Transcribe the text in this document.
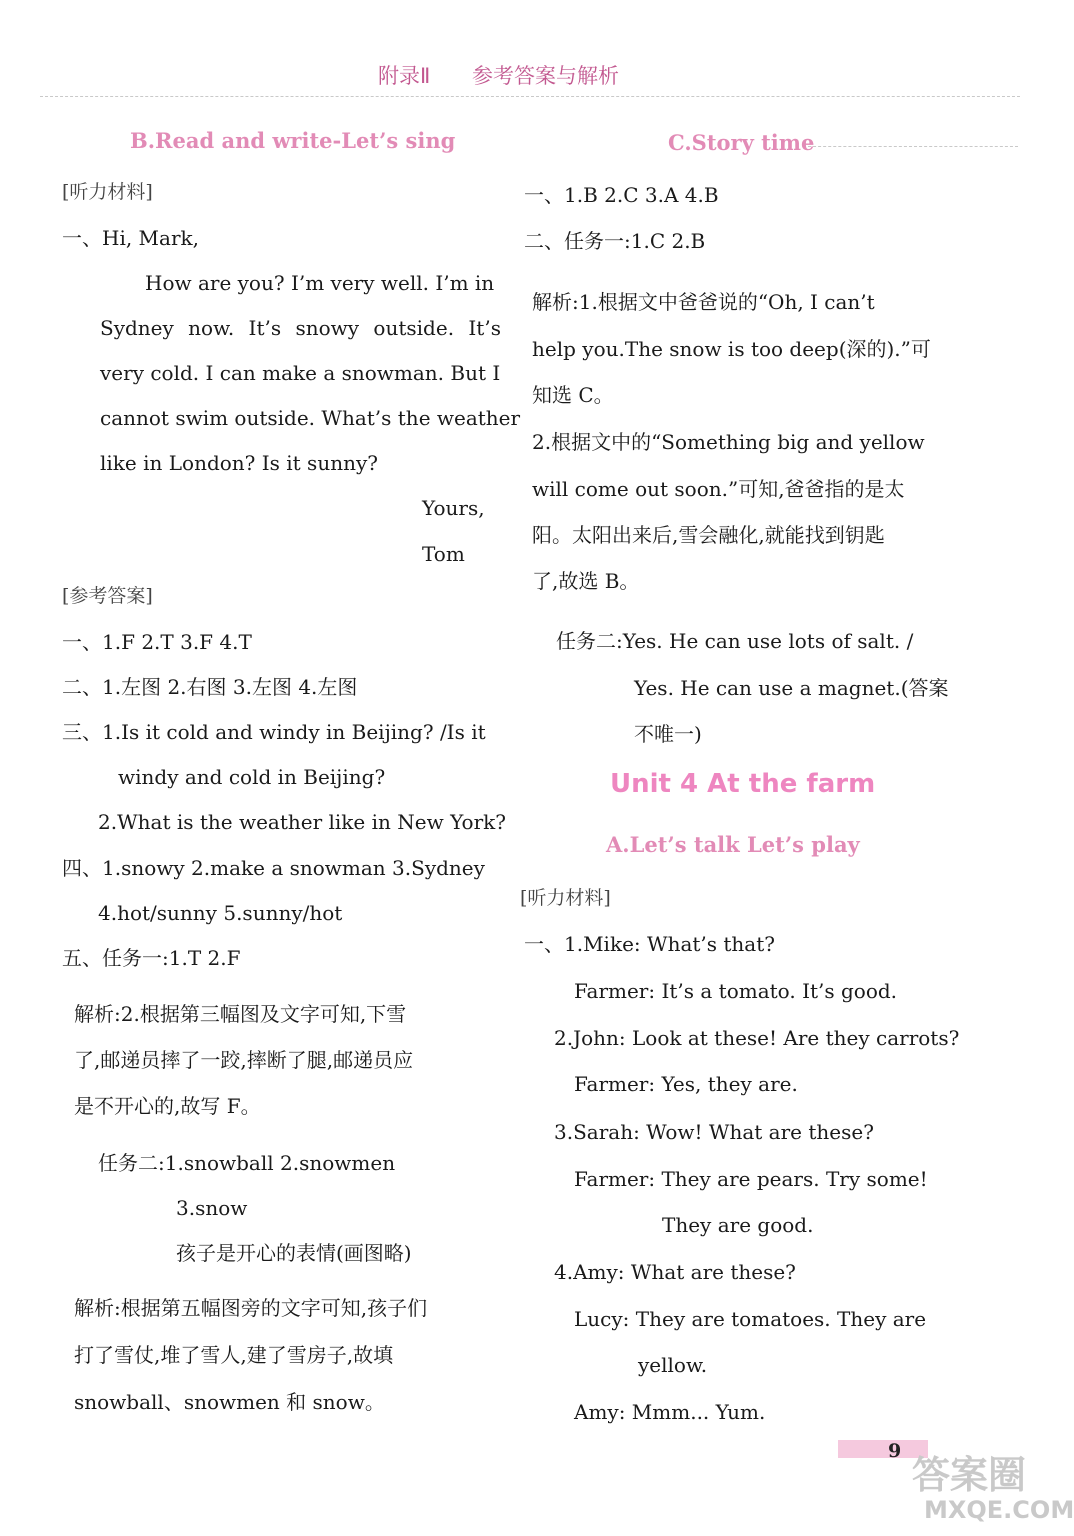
附录Ⅱ 参考答案与解析
B.Read and write-Let’s sing
[听力材料]
一、Hi, Mark,
How are you? I’m very well. I’m in
Sydney now. It’s snowy outside. It’s
very cold. I can make a snowman. But I
cannot swim outside. What’s the weather
like in London? Is it sunny?
Yours,
Tom
[参考答案]
一、1.F 2.T 3.F 4.T
二、1.左图 2.右图 3.左图 4.左图
三、1.Is it cold and windy in Beijing? /Is it
windy and cold in Beijing?
2.What is the weather like in New York?
四、1.snowy 2.make a snowman 3.Sydney
4.hot/sunny 5.sunny/hot
五、任务一:1.T 2.F
解析:2.根据第三幅图及文字可知,下雪
了,邮递员摔了一跤,摔断了腿,邮递员应
是不开心的,故写 F。
任务二:1.snowball 2.snowmen
3.snow
孩子是开心的表情(画图略)
解析:根据第五幅图旁的文字可知,孩子们
打了雪仗,堆了雪人,建了雪房子,故填
snowball、snowmen 和 snow。
C.Story time
一、1.B 2.C 3.A 4.B
二、任务一:1.C 2.B
解析:1.根据文中爸爸说的“Oh, I can’t
help you.The snow is too deep(深的).”可
知选 C。
2.根据文中的“Something big and yellow
will come out soon.”可知,爸爸指的是太
阳。太阳出来后,雪会融化,就能找到钥匙
了,故选 B。
任务二:Yes. He can use lots of salt. /
Yes. He can use a magnet.(答案
不唯一)
Unit 4 At the farm
A.Let’s talk Let’s play
[听力材料]
一、1.Mike: What’s that?
Farmer: It’s a tomato. It’s good.
2.John: Look at these! Are they carrots?
Farmer: Yes, they are.
3.Sarah: Wow! What are these?
Farmer: They are pears. Try some!
They are good.
4.Amy: What are these?
Lucy: They are tomatoes. They are
yellow.
Amy: Mmm... Yum.
9
答案圈
MXQE.COM
